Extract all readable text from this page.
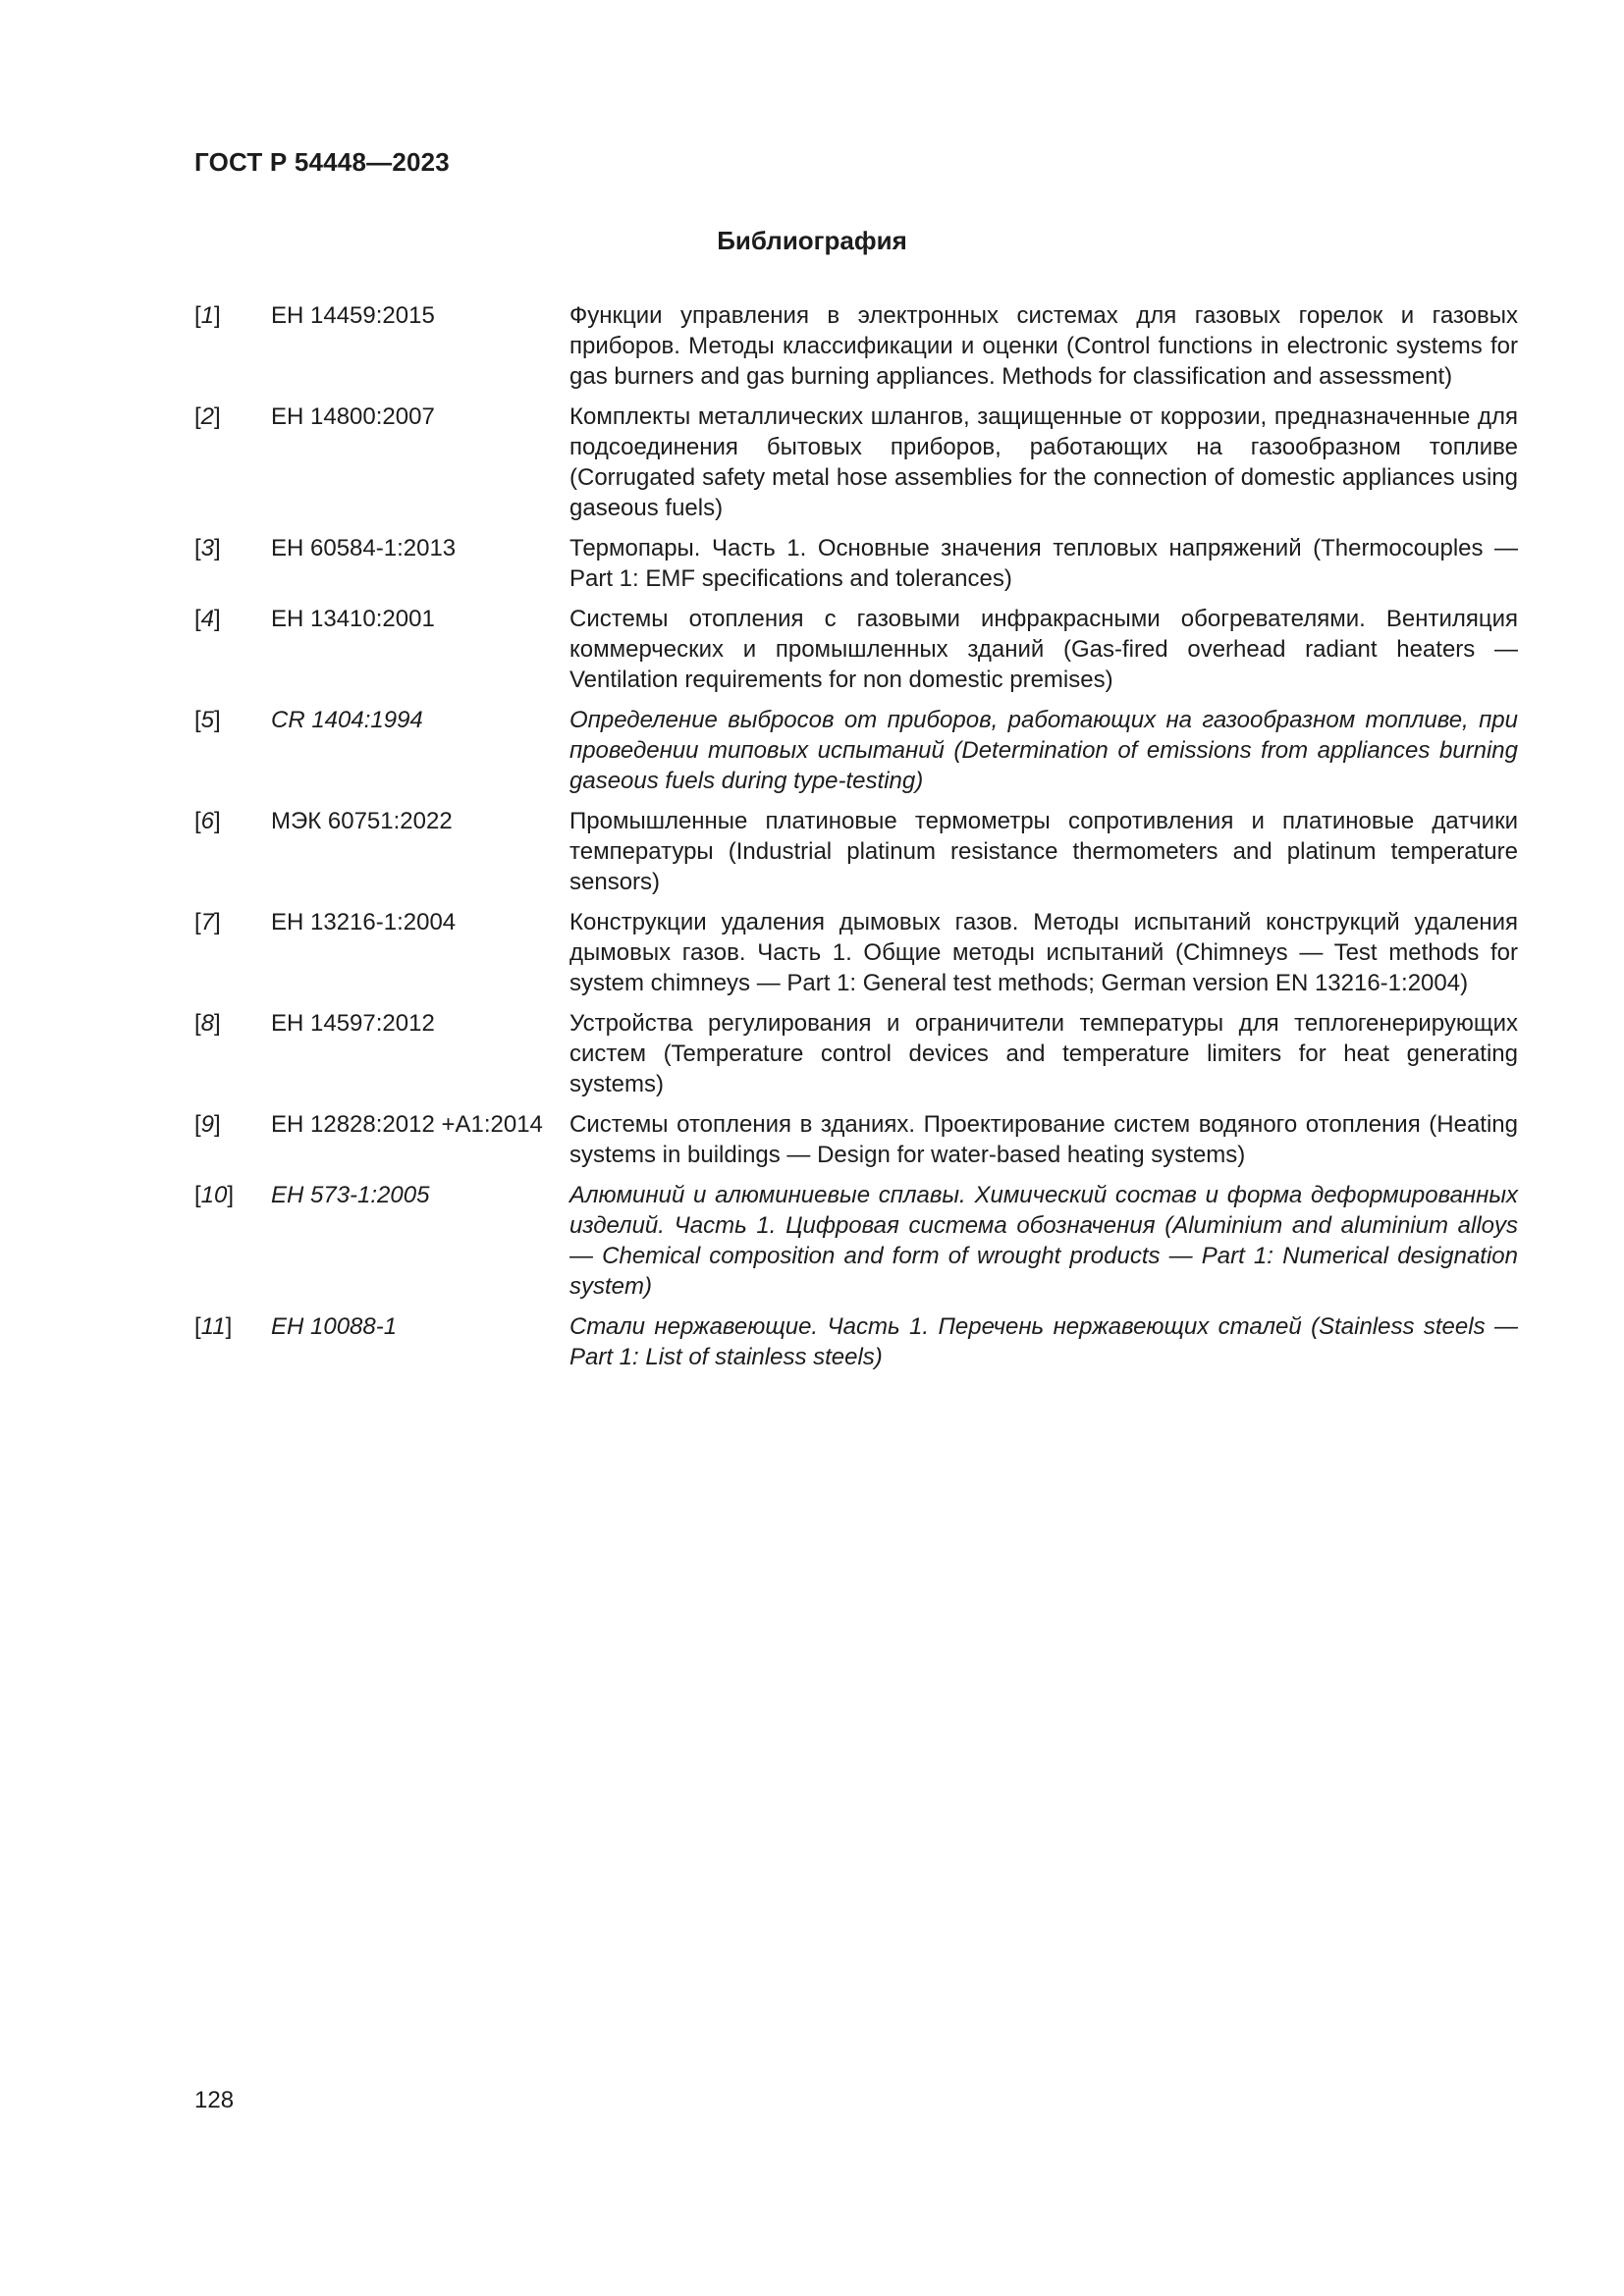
ГОСТ Р 54448—2023
Библиография
[1]	ЕН 14459:2015	Функции управления в электронных системах для газовых горелок и газовых приборов. Методы классификации и оценки (Control functions in electronic systems for gas burners and gas burning appliances. Methods for classification and assessment)
[2]	ЕН 14800:2007	Комплекты металлических шлангов, защищенные от коррозии, предназначенные для подсоединения бытовых приборов, работающих на газообразном топливе (Corrugated safety metal hose assemblies for the connection of domestic appliances using gaseous fuels)
[3]	ЕН 60584-1:2013	Термопары. Часть 1. Основные значения тепловых напряжений (Thermocouples — Part 1: EMF specifications and tolerances)
[4]	ЕН 13410:2001	Системы отопления с газовыми инфракрасными обогревателями. Вентиляция коммерческих и промышленных зданий (Gas-fired overhead radiant heaters — Ventilation requirements for non domestic premises)
[5]	CR 1404:1994	Определение выбросов от приборов, работающих на газообразном топливе, при проведении типовых испытаний (Determination of emissions from appliances burning gaseous fuels during type-testing)
[6]	МЭК 60751:2022	Промышленные платиновые термометры сопротивления и платиновые датчики температуры (Industrial platinum resistance thermometers and platinum temperature sensors)
[7]	ЕН 13216-1:2004	Конструкции удаления дымовых газов. Методы испытаний конструкций удаления дымовых газов. Часть 1. Общие методы испытаний (Chimneys — Test methods for system chimneys — Part 1: General test methods; German version EN 13216-1:2004)
[8]	ЕН 14597:2012	Устройства регулирования и ограничители температуры для теплогенерирующих систем (Temperature control devices and temperature limiters for heat generating systems)
[9]	ЕН 12828:2012 +А1:2014	Системы отопления в зданиях. Проектирование систем водяного отопления (Heating systems in buildings — Design for water-based heating systems)
[10]	ЕН 573-1:2005	Алюминий и алюминиевые сплавы. Химический состав и форма деформированных изделий. Часть 1. Цифровая система обозначения (Aluminium and aluminium alloys — Chemical composition and form of wrought products — Part 1: Numerical designation system)
[11]	ЕН 10088-1	Стали нержавеющие. Часть 1. Перечень нержавеющих сталей (Stainless steels — Part 1: List of stainless steels)
128
